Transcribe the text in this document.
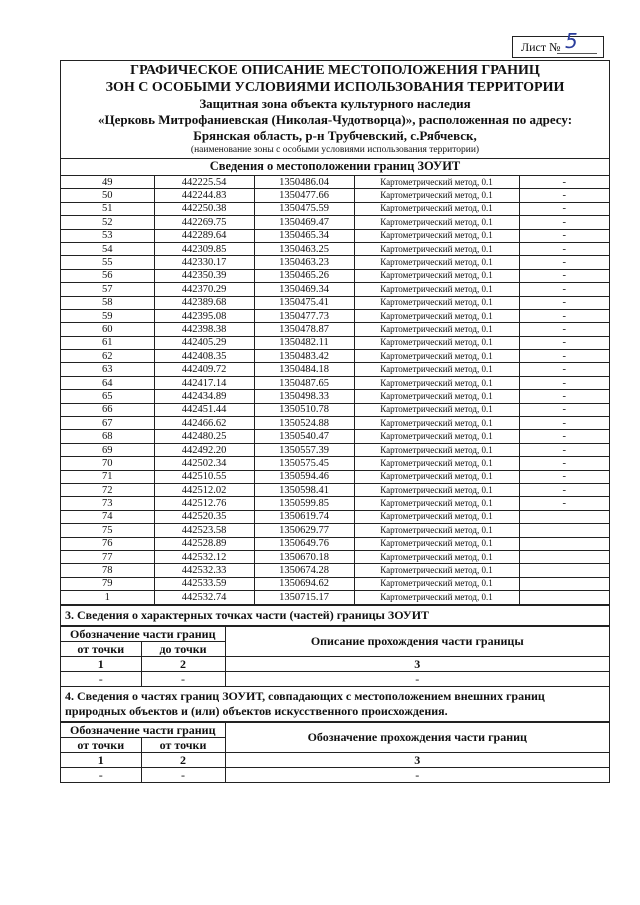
Лист № 5
ГРАФИЧЕСКОЕ ОПИСАНИЕ МЕСТОПОЛОЖЕНИЯ ГРАНИЦ
ЗОН С ОСОБЫМИ УСЛОВИЯМИ ИСПОЛЬЗОВАНИЯ ТЕРРИТОРИИ
Защитная зона объекта культурного наследия
«Церковь Митрофаниевская (Николая-Чудотворца)», расположенная по адресу:
Брянская область, р-н Трубчевский, с.Рябчевск,
(наименование зоны с особыми условиями использования территории)
Сведения о местоположении границ ЗОУИТ
49	442225.54	1350486.04	Картометрический метод, 0.1	-
50	442244.83	1350477.66	Картометрический метод, 0.1	-
51	442250.38	1350475.59	Картометрический метод, 0.1	-
52	442269.75	1350469.47	Картометрический метод, 0.1	-
53	442289.64	1350465.34	Картометрический метод, 0.1	-
54	442309.85	1350463.25	Картометрический метод, 0.1	-
55	442330.17	1350463.23	Картометрический метод, 0.1	-
56	442350.39	1350465.26	Картометрический метод, 0.1	-
57	442370.29	1350469.34	Картометрический метод, 0.1	-
58	442389.68	1350475.41	Картометрический метод, 0.1	-
59	442395.08	1350477.73	Картометрический метод, 0.1	-
60	442398.38	1350478.87	Картометрический метод, 0.1	-
61	442405.29	1350482.11	Картометрический метод, 0.1	-
62	442408.35	1350483.42	Картометрический метод, 0.1	-
63	442409.72	1350484.18	Картометрический метод, 0.1	-
64	442417.14	1350487.65	Картометрический метод, 0.1	-
65	442434.89	1350498.33	Картометрический метод, 0.1	-
66	442451.44	1350510.78	Картометрический метод, 0.1	-
67	442466.62	1350524.88	Картометрический метод, 0.1	-
68	442480.25	1350540.47	Картометрический метод, 0.1	-
69	442492.20	1350557.39	Картометрический метод, 0.1	-
70	442502.34	1350575.45	Картометрический метод, 0.1	-
71	442510.55	1350594.46	Картометрический метод, 0.1	-
72	442512.02	1350598.41	Картометрический метод, 0.1	-
73	442512.76	1350599.85	Картометрический метод, 0.1	-
74	442520.35	1350619.74	Картометрический метод, 0.1	
75	442523.58	1350629.77	Картометрический метод, 0.1	
76	442528.89	1350649.76	Картометрический метод, 0.1	
77	442532.12	1350670.18	Картометрический метод, 0.1	
78	442532.33	1350674.28	Картометрический метод, 0.1	
79	442533.59	1350694.62	Картометрический метод, 0.1	
1	442532.74	1350715.17	Картометрический метод, 0.1	
3. Сведения о характерных точках части (частей) границы ЗОУИТ
Обозначение части границ		Описание прохождения части границы
от точки	до точки	
1	2	3
-	-	-
4. Сведения о частях границ ЗОУИТ, совпадающих с местоположением внешних границ природных объектов и (или) объектов искусственного происхождения.
Обозначение части границ		Обозначение прохождения части границ
от точки	от точки	
1	2	3
-	-	-
